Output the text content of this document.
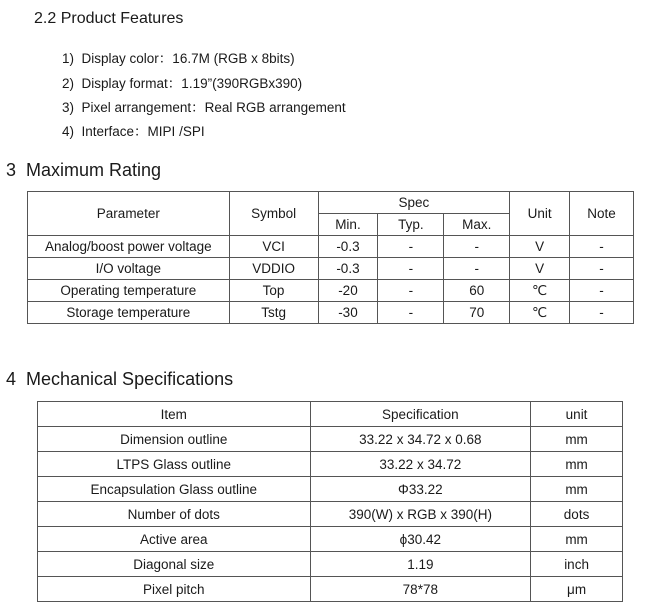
2.2 Product Features
1) Display color：16.7M (RGB x 8bits)
2) Display format：1.19”(390RGBx390)
3) Pixel arrangement：Real RGB arrangement
4) Interface：MIPI /SPI
3  Maximum Rating
Parameter	Symbol	Spec			Unit	Note
		Min.	Typ.	Max.		
Analog/boost power voltage	VCI	-0.3	-	-	V	-
I/O voltage	VDDIO	-0.3	-	-	V	-
Operating temperature	Top	-20	-	60	℃	-
Storage temperature	Tstg	-30	-	70	℃	-
4  Mechanical Specifications
Item	Specification	unit
Dimension outline	33.22 x 34.72 x 0.68	mm
LTPS Glass outline	33.22 x 34.72	mm
Encapsulation Glass outline	Φ33.22	mm
Number of dots	390(W) x RGB x 390(H)	dots
Active area	ϕ30.42	mm
Diagonal size	1.19	inch
Pixel pitch	78*78	μm
